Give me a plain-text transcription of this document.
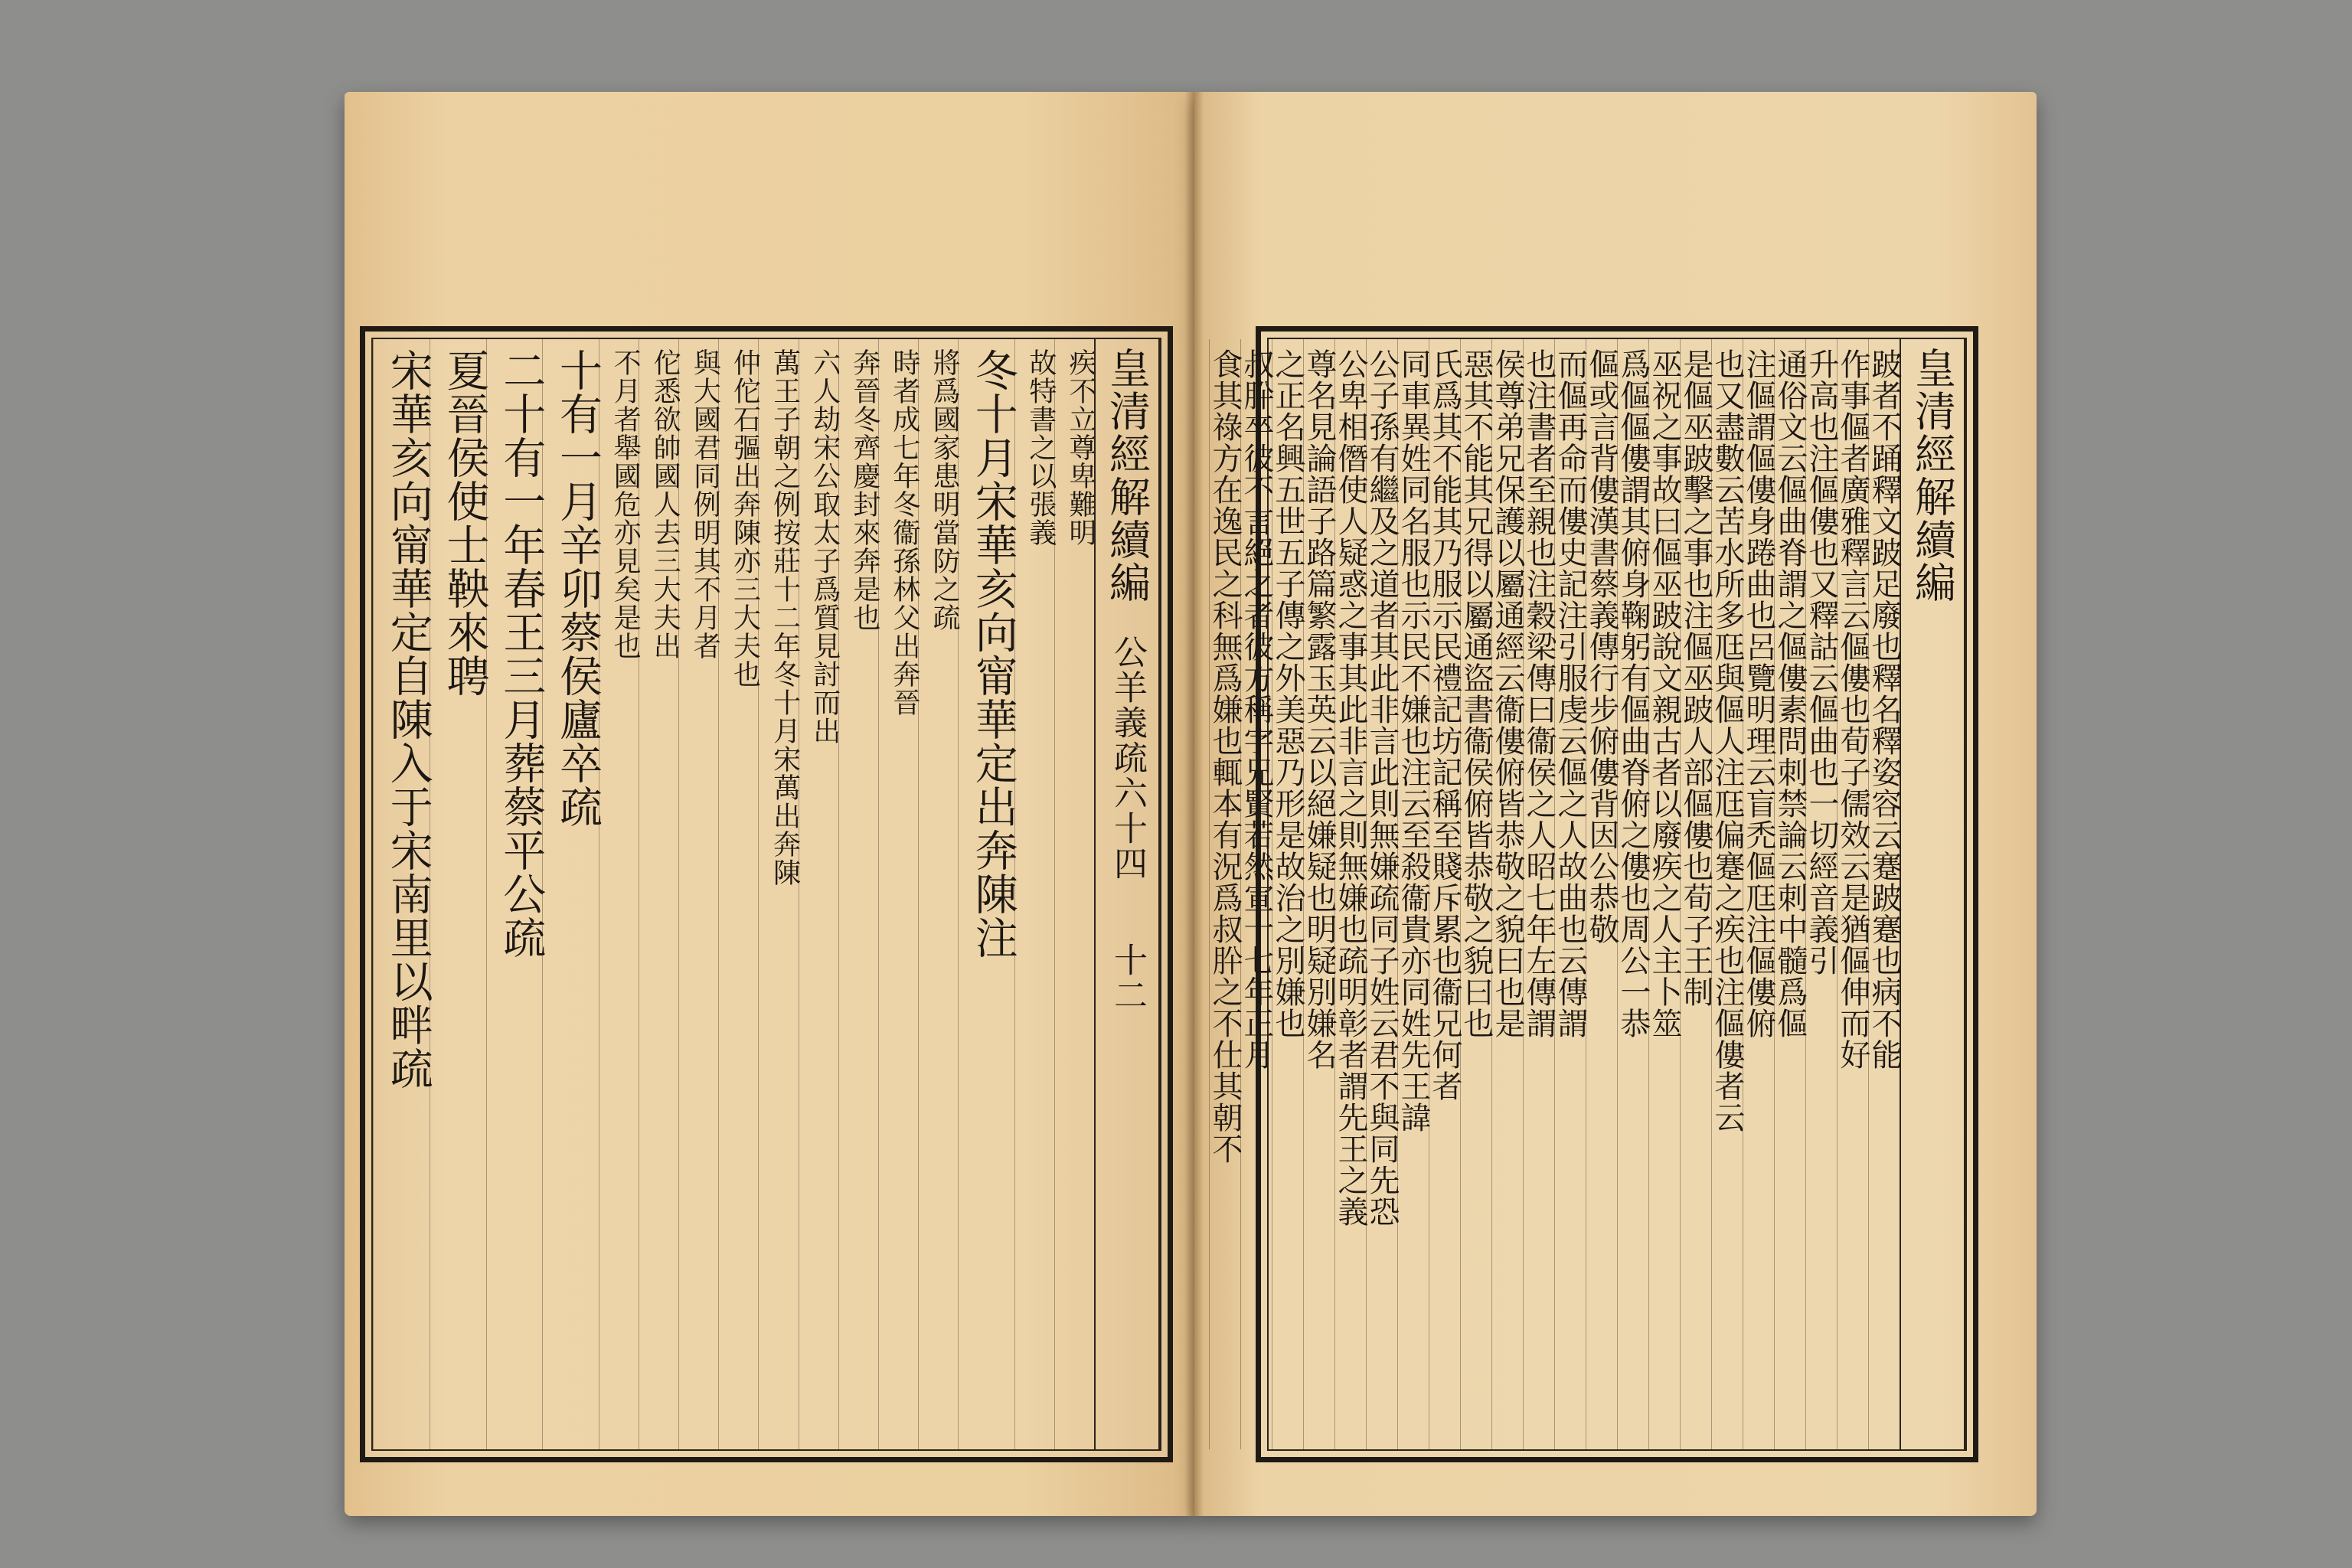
皇清經解續編
公羊義疏六十四
十二
疾不立尊卑難明
故特書之以張義
冬十月宋華亥向甯華定出奔陳注
將爲國家患明當防之疏
時者成七年冬衞孫林父出奔晉
奔晉冬齊慶封來奔是也
六人劫宋公取太子爲質見討而出
萬王子朝之例按莊十二年冬十月宋萬出奔陳
仲佗石彄出奔陳亦三大夫也
與大國君同例明其不月者
佗悉欲帥國人去三大夫出
不月者舉國危亦見矣是也
十有一月辛卯蔡侯廬卒疏
二十有一年春王三月葬蔡平公疏
夏晉侯使士鞅來聘
宋華亥向甯華定自陳入于宋南里以畔疏	皇清經解續編
跛者不踊釋文跛足廢也釋名釋姿容云蹇跛蹇也病不能
作事傴者廣雅釋言云傴僂也荀子儒效云是猶傴伸而好
升高也注傴僂也又釋詁云傴曲也一切經音義引
通俗文云傴曲脊謂之傴僂素問刺禁論云刺中髓爲傴
注傴謂傴僂身踡曲也呂覽明理云盲禿傴尫注傴僂俯
也又盡數云苦水所多尫與傴人注尫偏蹇之疾也注傴僂者云
是傴巫跛擊之事也注傴巫跛人部傴僂也荀子王制
巫祝之事故曰傴巫跛說文親古者以廢疾之人主卜筮
爲傴傴僂謂其俯身鞠躬有傴曲脊俯之僂也周公一恭
傴或言背僂漢書蔡義傳行步俯僂背因公恭敬
而傴再命而僂史記注引服虔云傴之人故曲也云傳謂
也注書者至親也注穀梁傳曰衞侯之人昭七年左傳謂
侯尊弟兄保護以屬通經云衞僂俯皆恭敬之貌曰也是
惡其不能其兄得以屬通盜書衞侯俯皆恭敬之貌曰也
氏爲其不能其乃服示民禮記坊記稱至賤斥累也衞兄何者
同車異姓同名服也示民不嫌也注云至殺衞貴亦同姓先王諱
公子孫有繼及之道者其此非言此則無嫌疏同子姓云君不與同先恐
公卑相僭使人疑惑之事其此非言之則無嫌也疏明彰者謂先王之義
尊名見論語子路篇繁露玉英云以絕嫌疑也明疑別嫌名
之正名興五世五子傳之外美惡乃形是故治之別嫌也
叔肸卒彼不言絕之者彼方稱字兄賢若然宣十七年正月
食其祿方在逸民之科無爲嫌也輒本有況爲叔肸之不仕其朝不
